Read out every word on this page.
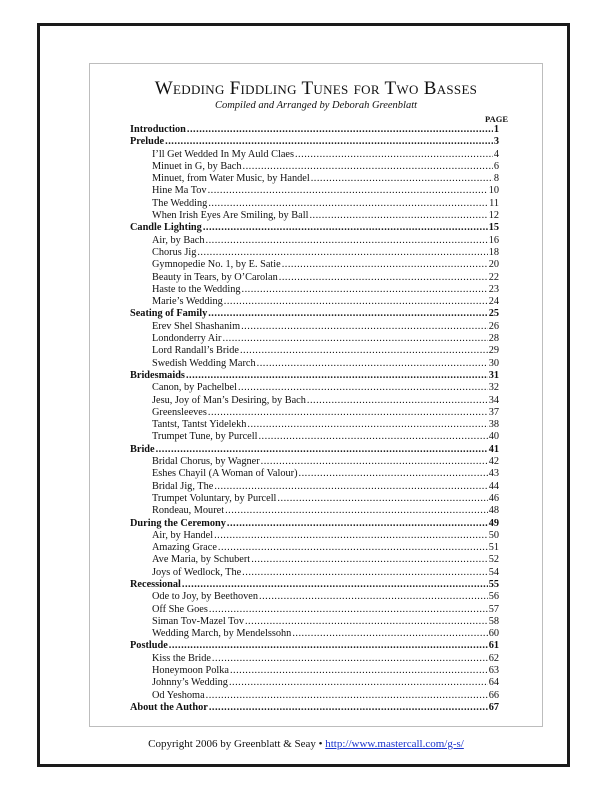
Wedding Fiddling Tunes for Two Basses
Compiled and Arranged by Deborah Greenblatt
PAGE
Introduction .....	1
Prelude .....	3
I’ll Get Wedded In My Auld Claes .....	4
Minuet in G, by Bach .....	6
Minuet, from Water Music, by Handel .....	8
Hine Ma Tov .....	10
The Wedding .....	11
When Irish Eyes Are Smiling, by Ball .....	12
Candle Lighting .....	15
Air, by Bach .....	16
Chorus Jig .....	18
Gymnopedie No. 1, by E. Satie .....	20
Beauty in Tears, by O’Carolan .....	22
Haste to the Wedding .....	23
Marie’s Wedding .....	24
Seating of Family .....	25
Erev Shel Shashanim .....	26
Londonderry Air .....	28
Lord Randall’s Bride .....	29
Swedish Wedding March .....	30
Bridesmaids .....	31
Canon, by Pachelbel .....	32
Jesu, Joy of Man’s Desiring, by Bach .....	34
Greensleeves .....	37
Tantst, Tantst Yidelekh .....	38
Trumpet Tune, by Purcell .....	40
Bride .....	41
Bridal Chorus, by Wagner .....	42
Eshes Chayil (A Woman of Valour) .....	43
Bridal Jig, The .....	44
Trumpet Voluntary, by Purcell .....	46
Rondeau, Mouret .....	48
During the Ceremony .....	49
Air, by Handel .....	50
Amazing Grace .....	51
Ave Maria, by Schubert .....	52
Joys of Wedlock, The .....	54
Recessional .....	55
Ode to Joy, by Beethoven .....	56
Off She Goes .....	57
Siman Tov-Mazel Tov .....	58
Wedding March, by Mendelssohn .....	60
Postlude .....	61
Kiss the Bride .....	62
Honeymoon Polka .....	63
Johnny’s Wedding .....	64
Od Yeshoma .....	66
About the Author .....	67
Copyright 2006 by Greenblatt & Seay • http://www.mastercall.com/g-s/
